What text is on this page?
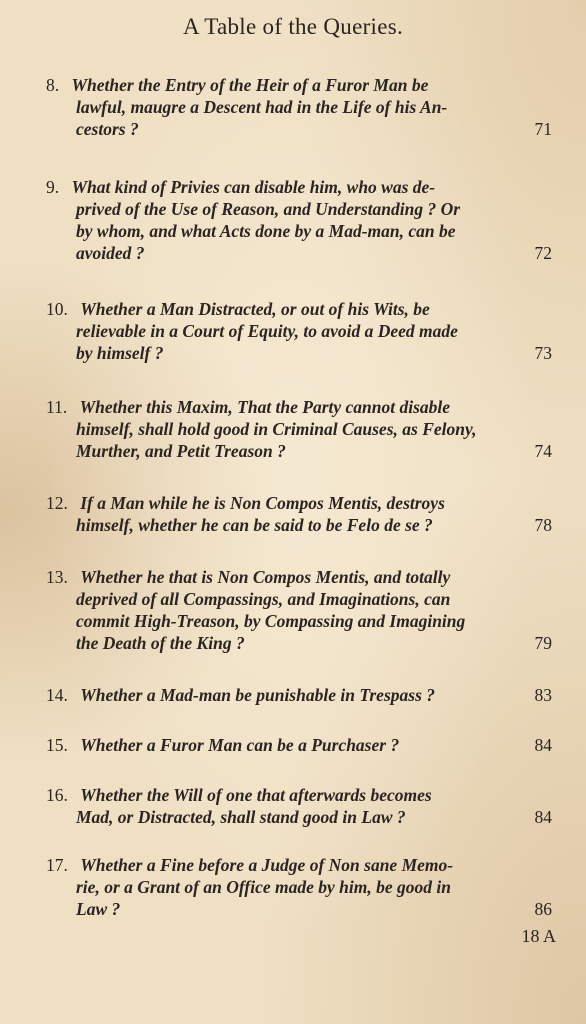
A Table of the Queries.
8. Whether the Entry of the Heir of a Furor Man be
lawful, maugre a Descent had in the Life of his An-
cestors ?	71
9. What kind of Privies can disable him, who was de-
prived of the Use of Reason, and Understanding ? Or
by whom, and what Acts done by a Mad-man, can be
avoided ?	72
10. Whether a Man Distracted, or out of his Wits, be
relievable in a Court of Equity, to avoid a Deed made
by himself ?	73
11. Whether this Maxim, That the Party cannot disable
himself, shall hold good in Criminal Causes, as Felony,
Murther, and Petit Treason ?	74
12. If a Man while he is Non Compos Mentis, destroys
himself, whether he can be said to be Felo de se ?	78
13. Whether he that is Non Compos Mentis, and totally
deprived of all Compassings, and Imaginations, can
commit High-Treason, by Compassing and Imagining
the Death of the King ?	79
14. Whether a Mad-man be punishable in Trespass ?	83
15. Whether a Furor Man can be a Purchaser ?	84
16. Whether the Will of one that afterwards becomes
Mad, or Distracted, shall stand good in Law ?	84
17. Whether a Fine before a Judge of Non sane Memo-
rie, or a Grant of an Office made by him, be good in
Law ?	86
18 A
